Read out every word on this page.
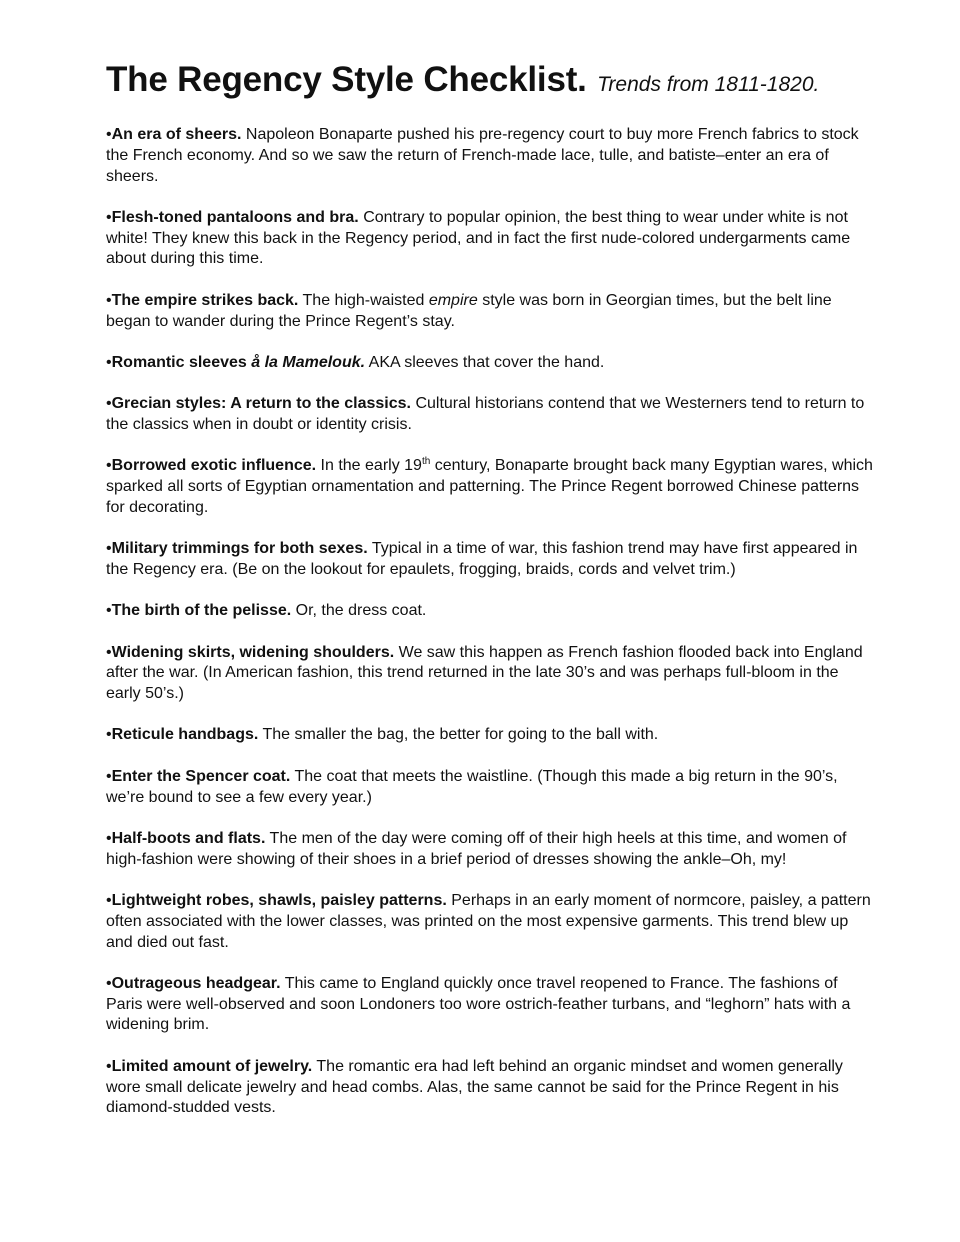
The Regency Style Checklist. Trends from 1811-1820.

•An era of sheers. Napoleon Bonaparte pushed his pre-regency court to buy more French fabrics to stock the French economy. And so we saw the return of French-made lace, tulle, and batiste–enter an era of sheers.

•Flesh-toned pantaloons and bra. Contrary to popular opinion, the best thing to wear under white is not white! They knew this back in the Regency period, and in fact the first nude-colored undergarments came about during this time.

•The empire strikes back. The high-waisted empire style was born in Georgian times, but the belt line began to wander during the Prince Regent’s stay.

•Romantic sleeves å la Mamelouk. AKA sleeves that cover the hand.

•Grecian styles: A return to the classics. Cultural historians contend that we Westerners tend to return to the classics when in doubt or identity crisis.

•Borrowed exotic influence. In the early 19th century, Bonaparte brought back many Egyptian wares, which sparked all sorts of Egyptian ornamentation and patterning. The Prince Regent borrowed Chinese patterns for decorating.

•Military trimmings for both sexes. Typical in a time of war, this fashion trend may have first appeared in the Regency era. (Be on the lookout for epaulets, frogging, braids, cords and velvet trim.)

•The birth of the pelisse. Or, the dress coat.

•Widening skirts, widening shoulders. We saw this happen as French fashion flooded back into England after the war. (In American fashion, this trend returned in the late 30’s and was perhaps full-bloom in the early 50’s.)

•Reticule handbags. The smaller the bag, the better for going to the ball with.

•Enter the Spencer coat. The coat that meets the waistline. (Though this made a big return in the 90’s, we’re bound to see a few every year.)

•Half-boots and flats. The men of the day were coming off of their high heels at this time, and women of high-fashion were showing of their shoes in a brief period of dresses showing the ankle–Oh, my!

•Lightweight robes, shawls, paisley patterns. Perhaps in an early moment of normcore, paisley, a pattern often associated with the lower classes, was printed on the most expensive garments. This trend blew up and died out fast.

•Outrageous headgear. This came to England quickly once travel reopened to France. The fashions of Paris were well-observed and soon Londoners too wore ostrich-feather turbans, and “leghorn” hats with a widening brim.

•Limited amount of jewelry. The romantic era had left behind an organic mindset and women generally wore small delicate jewelry and head combs. Alas, the same cannot be said for the Prince Regent in his diamond-studded vests.
